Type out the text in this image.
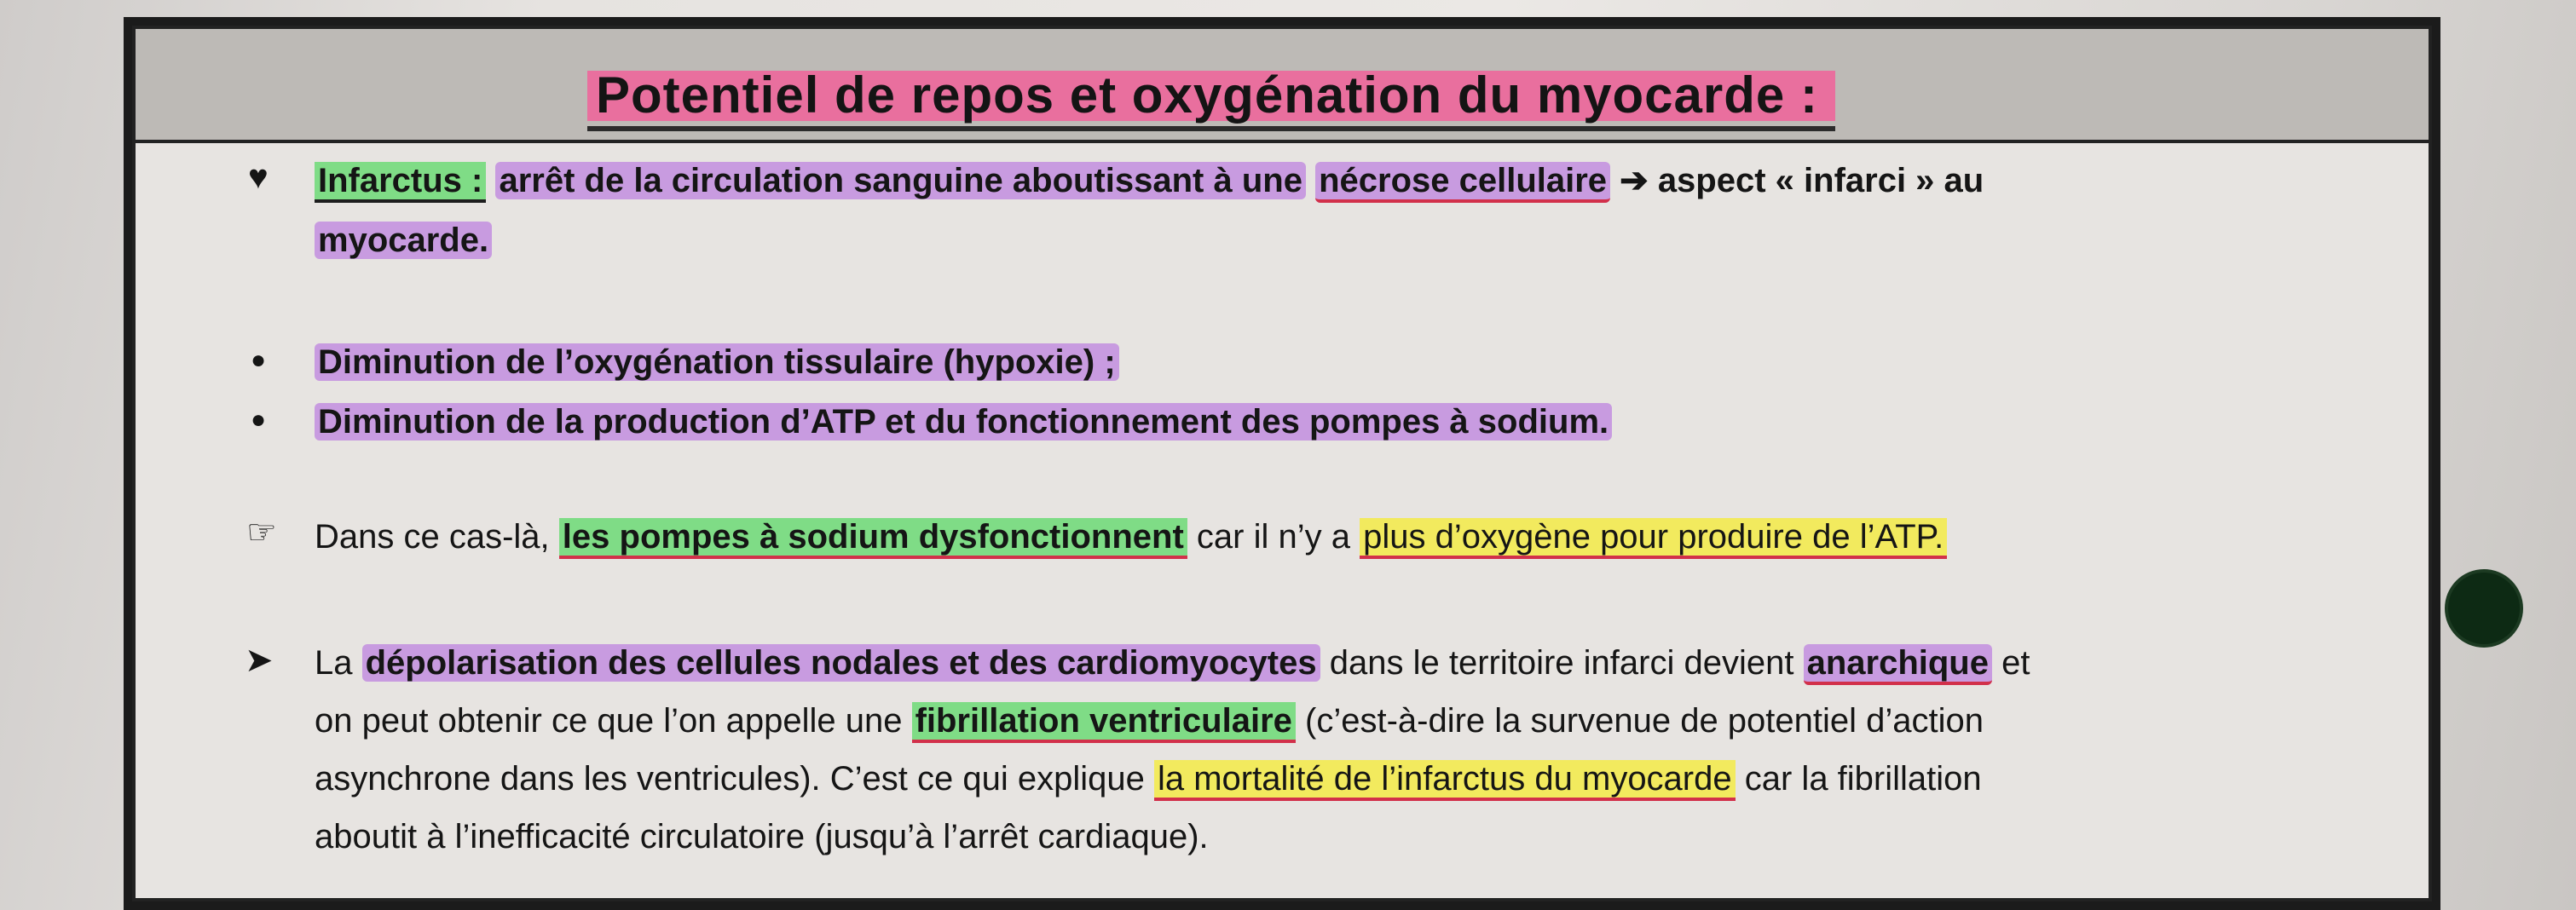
Potentiel de repos et oxygénation du myocarde :
♥ Infarctus : arrêt de la circulation sanguine aboutissant à une nécrose cellulaire ➔ aspect « infarci » au
myocarde.
● Diminution de l’oxygénation tissulaire (hypoxie) ;
● Diminution de la production d’ATP et du fonctionnement des pompes à sodium.
☞ Dans ce cas-là, les pompes à sodium dysfonctionnent car il n’y a plus d’oxygène pour produire de l’ATP.
➤ La dépolarisation des cellules nodales et des cardiomyocytes dans le territoire infarci devient anarchique et
on peut obtenir ce que l’on appelle une fibrillation ventriculaire (c’est-à-dire la survenue de potentiel d’action
asynchrone dans les ventricules). C’est ce qui explique la mortalité de l’infarctus du myocarde car la fibrillation
aboutit à l’inefficacité circulatoire (jusqu’à l’arrêt cardiaque).
